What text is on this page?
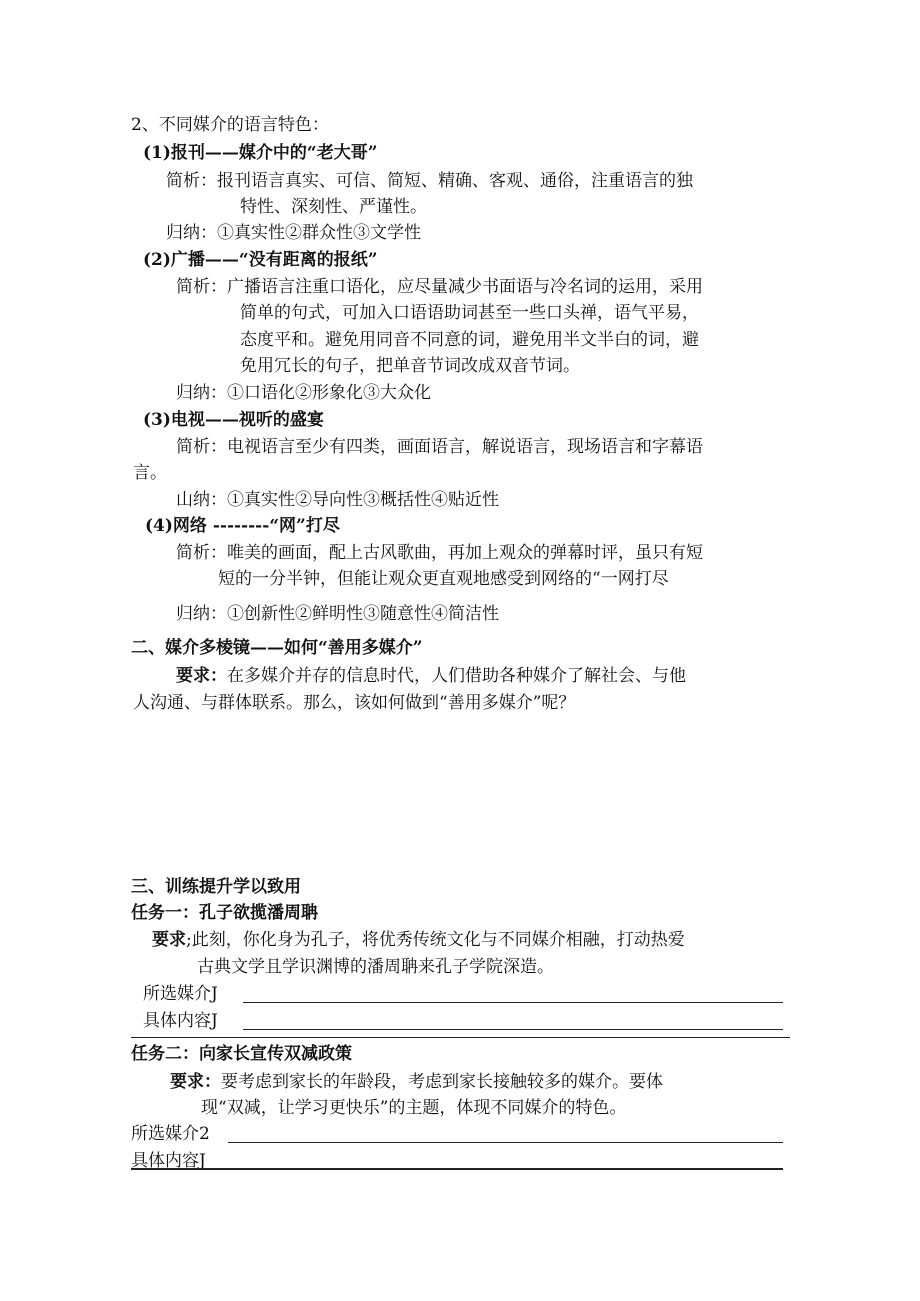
2、不同媒介的语言特色：
(1)报刊——媒介中的“老大哥”
简析：报刊语言真实、可信、简短、精确、客观、通俗，注重语言的独
特性、深刻性、严谨性。
归纳：①真实性②群众性③文学性
(2)广播——“没有距离的报纸”
简析：广播语言注重口语化，应尽量减少书面语与冷名词的运用，采用
简单的句式，可加入口语语助词甚至一些口头禅，语气平易，
态度平和。避免用同音不同意的词，避免用半文半白的词，避
免用冗长的句子，把单音节词改成双音节词。
归纳：①口语化②形象化③大众化
(3)电视——视听的盛宴
简析：电视语言至少有四类，画面语言，解说语言，现场语言和字幕语
言。
山纳：①真实性②导向性③概括性④贴近性
(4)网络 --------“网”打尽
简析：唯美的画面，配上古风歌曲，再加上观众的弹幕时评，虽只有短
短的一分半钟，但能让观众更直观地感受到网络的“一网打尽
归纳：①创新性②鲜明性③随意性④简洁性
二、媒介多棱镜——如何“善用多媒介”
要求：在多媒介并存的信息时代，人们借助各种媒介了解社会、与他
人沟通、与群体联系。那么，该如何做到“善用多媒介”呢？
三、训练提升学以致用
任务一：孔子欲揽潘周聃
要求;此刻，你化身为孔子，将优秀传统文化与不同媒介相融，打动热爱
古典文学且学识渊博的潘周聃来孔子学院深造。
所选媒介J
具体内容J
任务二：向家长宣传双减政策
要求：要考虑到家长的年龄段，考虑到家长接触较多的媒介。要体
现“双减，让学习更快乐”的主题，体现不同媒介的特色。
所选媒介2
具体内容J
